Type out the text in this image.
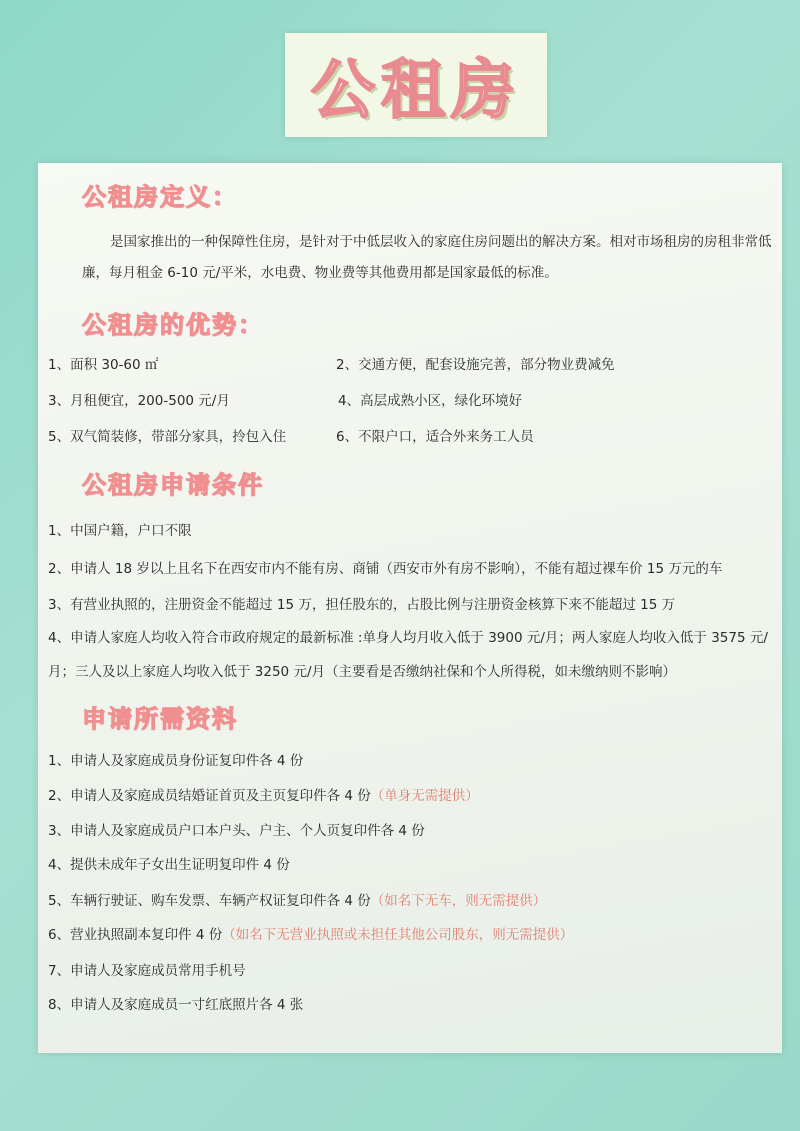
公租房
公租房定义：
是国家推出的一种保障性住房，是针对于中低层收入的家庭住房问题出的解决方案。相对市场租房的房租非常低廉，每月租金 6-10 元/平米，水电费、物业费等其他费用都是国家最低的标准。
公租房的优势：
1、面积 30-60 ㎡	2、交通方便，配套设施完善，部分物业费减免
3、月租便宜，200-500 元/月	4、高层成熟小区，绿化环境好
5、双气简装修，带部分家具，拎包入住	6、不限户口，适合外来务工人员
公租房申请条件
1、中国户籍，户口不限
2、申请人 18 岁以上且名下在西安市内不能有房、商铺（西安市外有房不影响），不能有超过裸车价 15 万元的车
3、有营业执照的，注册资金不能超过 15 万，担任股东的，占股比例与注册资金核算下来不能超过 15 万
4、申请人家庭人均收入符合市政府规定的最新标准 :单身人均月收入低于 3900 元/月；两人家庭人均收入低于 3575 元/月；三人及以上家庭人均收入低于 3250 元/月（主要看是否缴纳社保和个人所得税，如未缴纳则不影响）
申请所需资料
1、申请人及家庭成员身份证复印件各 4 份
2、申请人及家庭成员结婚证首页及主页复印件各 4 份（单身无需提供）
3、申请人及家庭成员户口本户头、户主、个人页复印件各 4 份
4、提供未成年子女出生证明复印件 4 份
5、车辆行驶证、购车发票、车辆产权证复印件各 4 份（如名下无车，则无需提供）
6、营业执照副本复印件 4 份（如名下无营业执照或未担任其他公司股东，则无需提供）
7、申请人及家庭成员常用手机号
8、申请人及家庭成员一寸红底照片各 4 张
